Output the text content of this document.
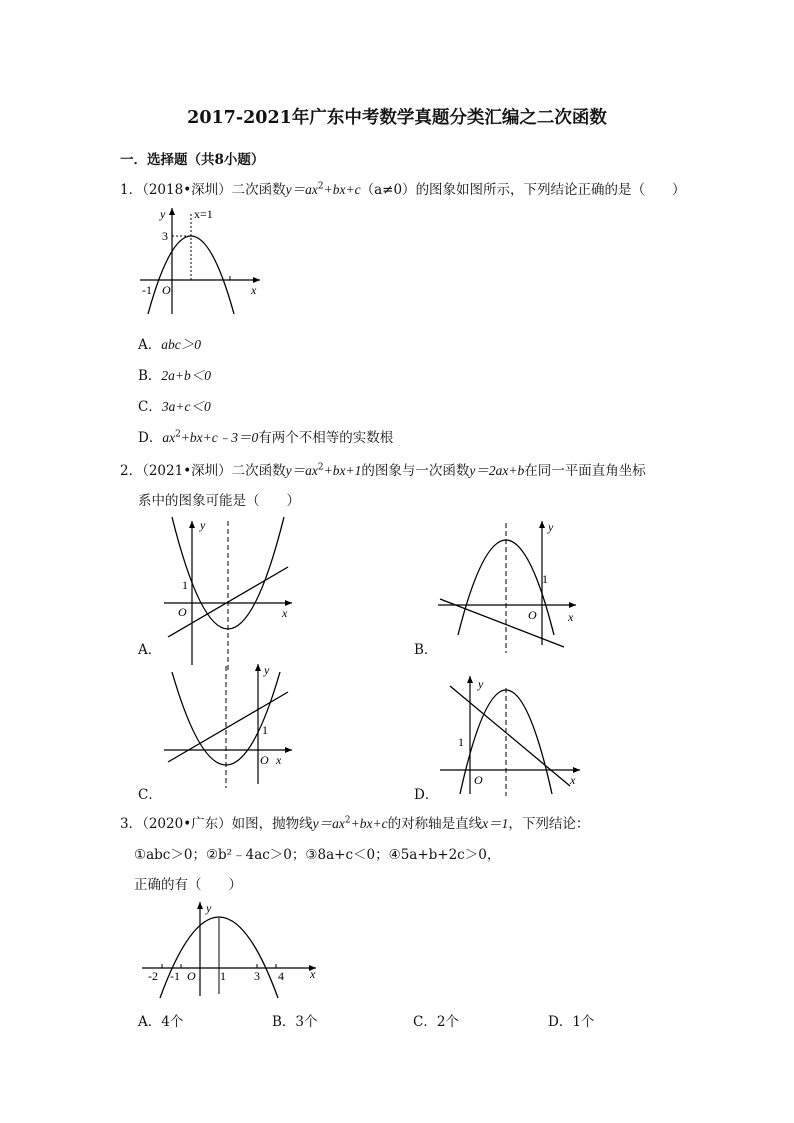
2017-2021年广东中考数学真题分类汇编之二次函数
一．选择题（共8小题）
1．（2018•深圳）二次函数$y=ax^2+bx+c(a\ne 0)$的图象如图所示，下列结论正确的是（　　）
x=1
3
-1 O	x
y
A．abc＞0
B．2a+b＜0
C．3a+c＜0
D．$ax^2+bx+c﹣3=0$有两个不相等的实数根
2．（2021•深圳）二次函数$y=ax^2+bx+1$的图象与一次函数y＝2ax+b在同一平面直角坐标
系中的图象可能是（　　）
1
O	x
y
A．
1
O	x
y
B．
1
O x
y
C．
1
O	x
y
D．
3．（2020•广东）如图，抛物线$y=ax^2+bx+c$的对称轴是直线x＝1，下列结论：
①abc＞0；②b²﹣4ac＞0；③8a+c＜0；④5a+b+2c＞0，
正确的有（　　）
-2 -1 O 1 3 4 x
y
A．4个	B．3个	C．2个	D．1个
